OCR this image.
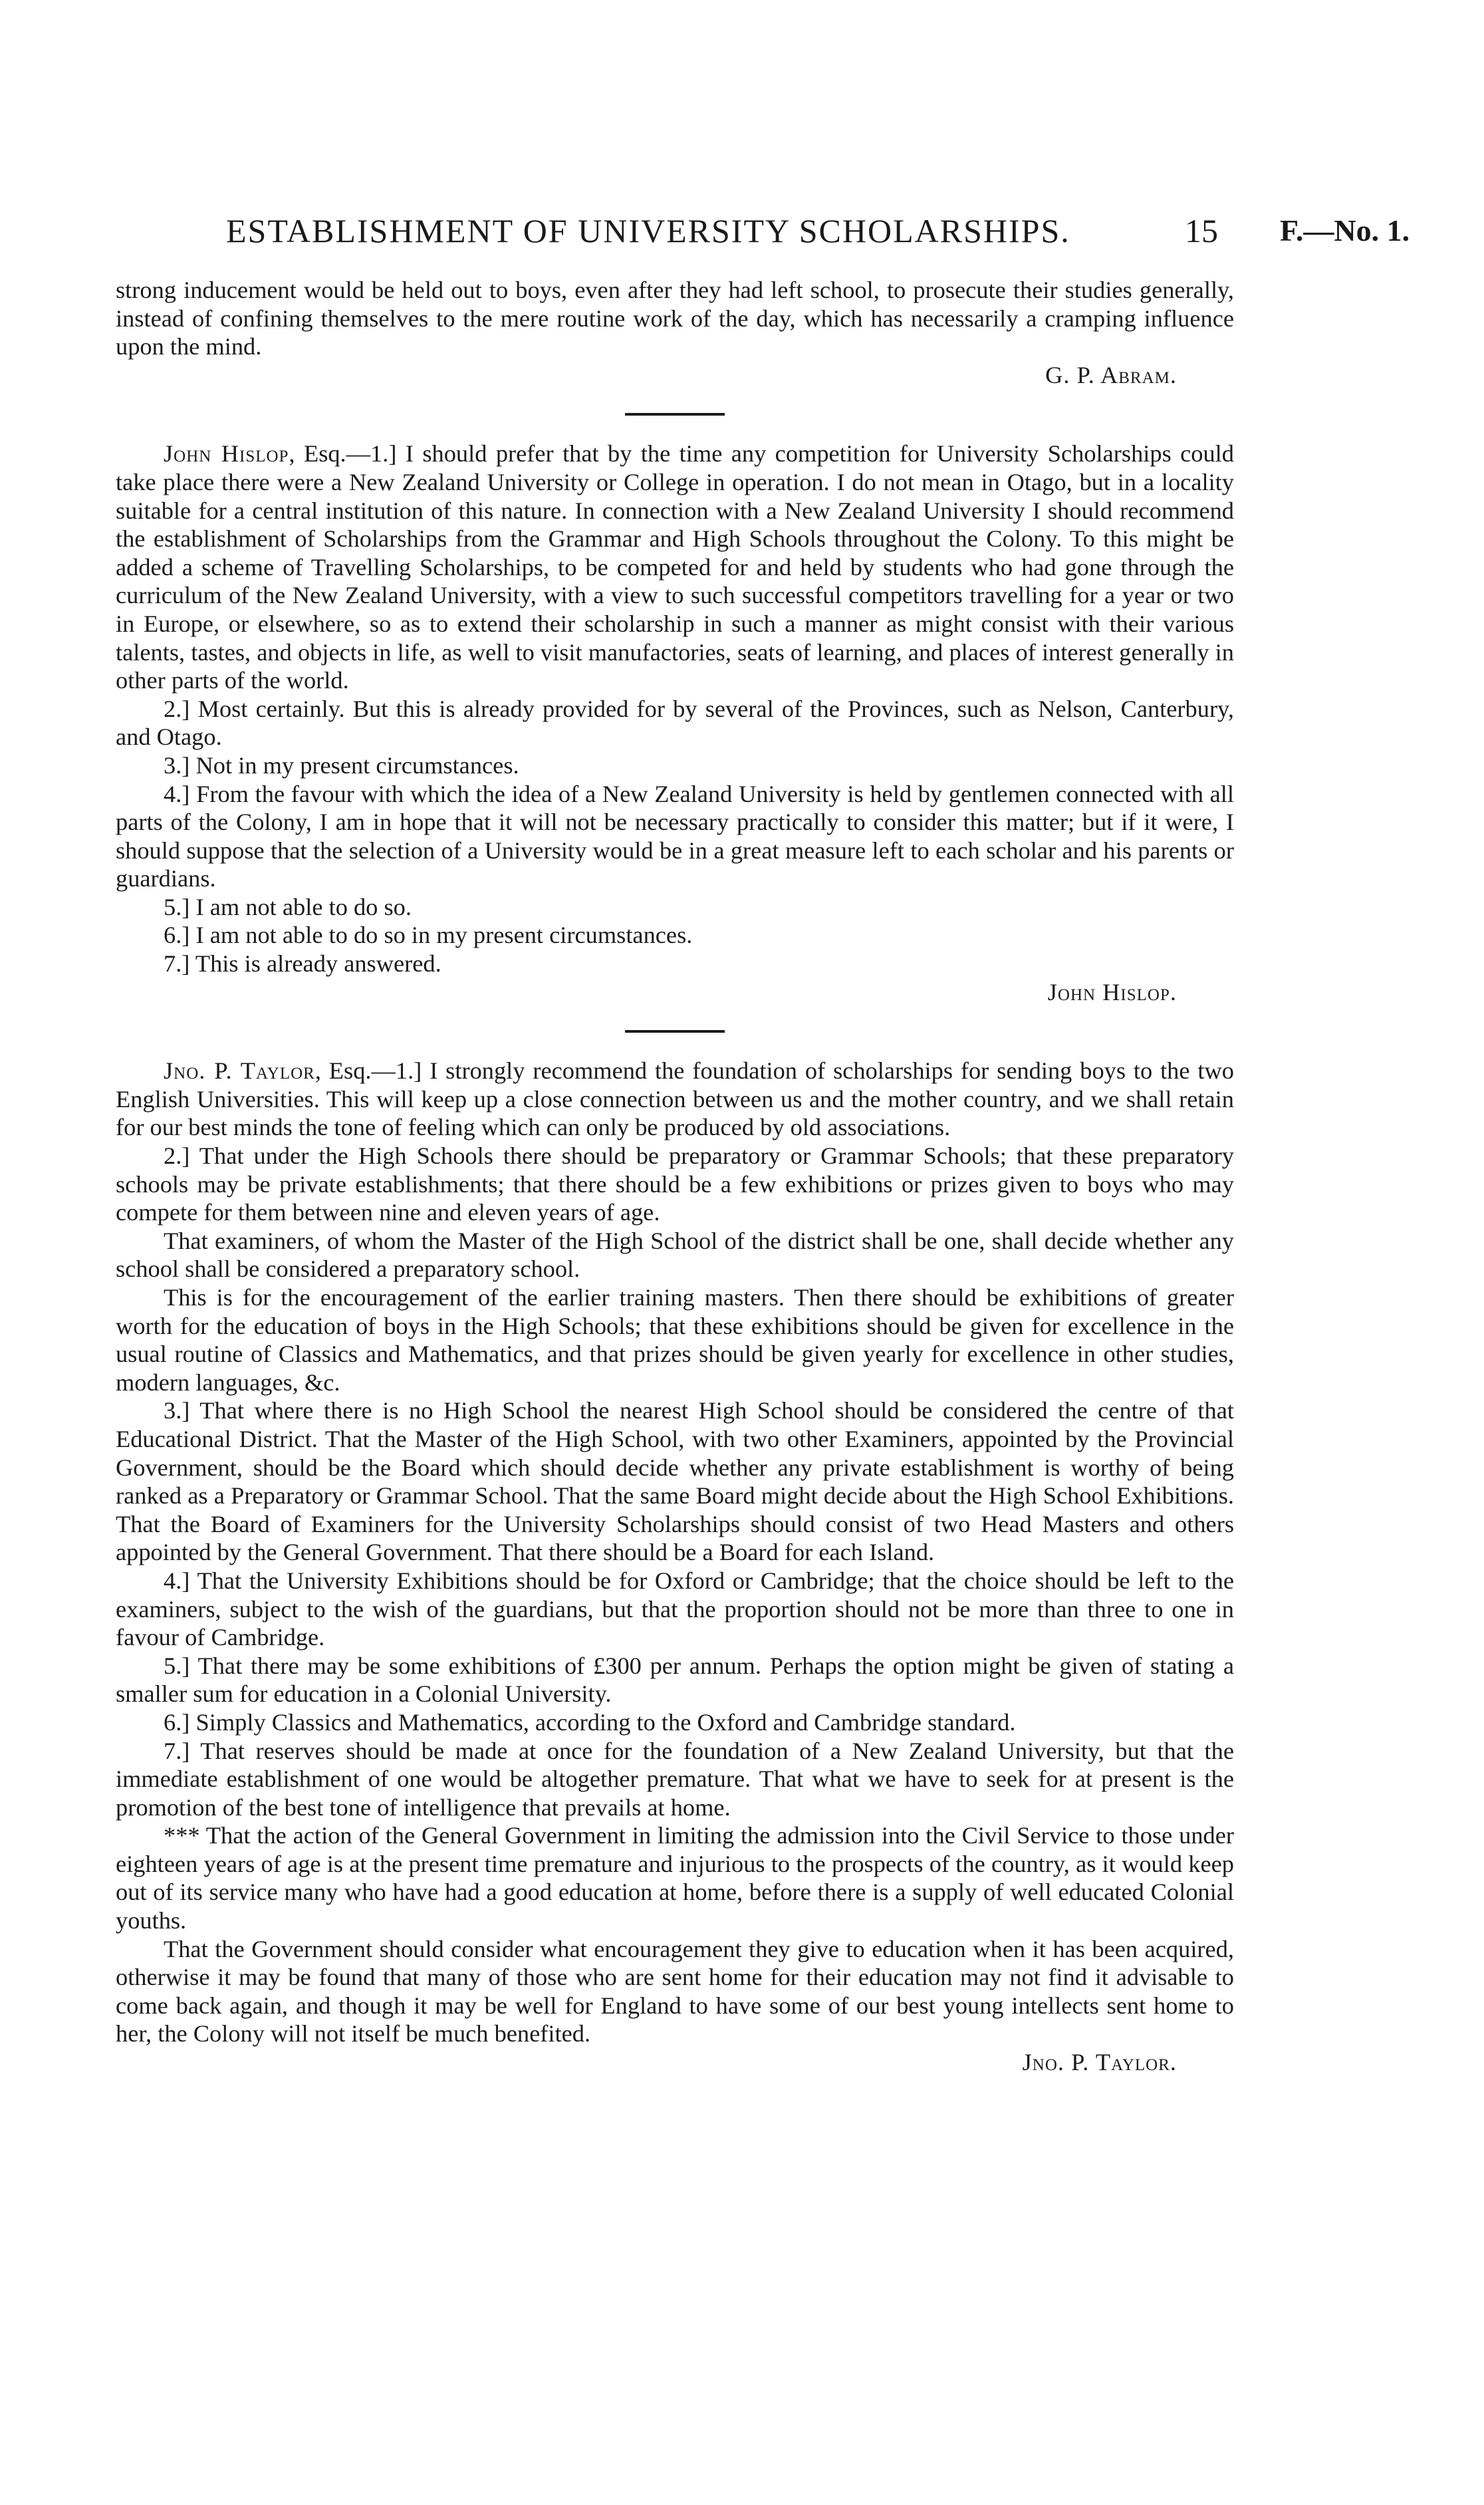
ESTABLISHMENT OF UNIVERSITY SCHOLARSHIPS.	15 F.—No. 1.

strong inducement would be held out to boys, even after they had left school, to prosecute their studies generally, instead of confining themselves to the mere routine work of the day, which has necessarily a cramping influence upon the mind.

G. P. Abram.

John Hislop, Esq.—1.] I should prefer that by the time any competition for University Scholarships could take place there were a New Zealand University or College in operation. I do not mean in Otago, but in a locality suitable for a central institution of this nature. In connection with a New Zealand University I should recommend the establishment of Scholarships from the Grammar and High Schools throughout the Colony. To this might be added a scheme of Travelling Scholarships, to be competed for and held by students who had gone through the curriculum of the New Zealand University, with a view to such successful competitors travelling for a year or two in Europe, or elsewhere, so as to extend their scholarship in such a manner as might consist with their various talents, tastes, and objects in life, as well to visit manufactories, seats of learning, and places of interest generally in other parts of the world.

2.] Most certainly. But this is already provided for by several of the Provinces, such as Nelson, Canterbury, and Otago.

3.] Not in my present circumstances.

4.] From the favour with which the idea of a New Zealand University is held by gentlemen connected with all parts of the Colony, I am in hope that it will not be necessary practically to consider this matter; but if it were, I should suppose that the selection of a University would be in a great measure left to each scholar and his parents or guardians.

5.] I am not able to do so.

6.] I am not able to do so in my present circumstances.

7.] This is already answered.

John Hislop.

Jno. P. Taylor, Esq.—1.] I strongly recommend the foundation of scholarships for sending boys to the two English Universities. This will keep up a close connection between us and the mother country, and we shall retain for our best minds the tone of feeling which can only be produced by old associations.

2.] That under the High Schools there should be preparatory or Grammar Schools; that these preparatory schools may be private establishments; that there should be a few exhibitions or prizes given to boys who may compete for them between nine and eleven years of age.

That examiners, of whom the Master of the High School of the district shall be one, shall decide whether any school shall be considered a preparatory school.

This is for the encouragement of the earlier training masters. Then there should be exhibitions of greater worth for the education of boys in the High Schools; that these exhibitions should be given for excellence in the usual routine of Classics and Mathematics, and that prizes should be given yearly for excellence in other studies, modern languages, &c.

3.] That where there is no High School the nearest High School should be considered the centre of that Educational District. That the Master of the High School, with two other Examiners, appointed by the Provincial Government, should be the Board which should decide whether any private establishment is worthy of being ranked as a Preparatory or Grammar School. That the same Board might decide about the High School Exhibitions. That the Board of Examiners for the University Scholarships should consist of two Head Masters and others appointed by the General Government. That there should be a Board for each Island.

4.] That the University Exhibitions should be for Oxford or Cambridge; that the choice should be left to the examiners, subject to the wish of the guardians, but that the proportion should not be more than three to one in favour of Cambridge.

5.] That there may be some exhibitions of £300 per annum. Perhaps the option might be given of stating a smaller sum for education in a Colonial University.

6.] Simply Classics and Mathematics, according to the Oxford and Cambridge standard.

7.] That reserves should be made at once for the foundation of a New Zealand University, but that the immediate establishment of one would be altogether premature. That what we have to seek for at present is the promotion of the best tone of intelligence that prevails at home.

*** That the action of the General Government in limiting the admission into the Civil Service to those under eighteen years of age is at the present time premature and injurious to the prospects of the country, as it would keep out of its service many who have had a good education at home, before there is a supply of well educated Colonial youths.

That the Government should consider what encouragement they give to education when it has been acquired, otherwise it may be found that many of those who are sent home for their education may not find it advisable to come back again, and though it may be well for England to have some of our best young intellects sent home to her, the Colony will not itself be much benefited.

Jno. P. Taylor.
